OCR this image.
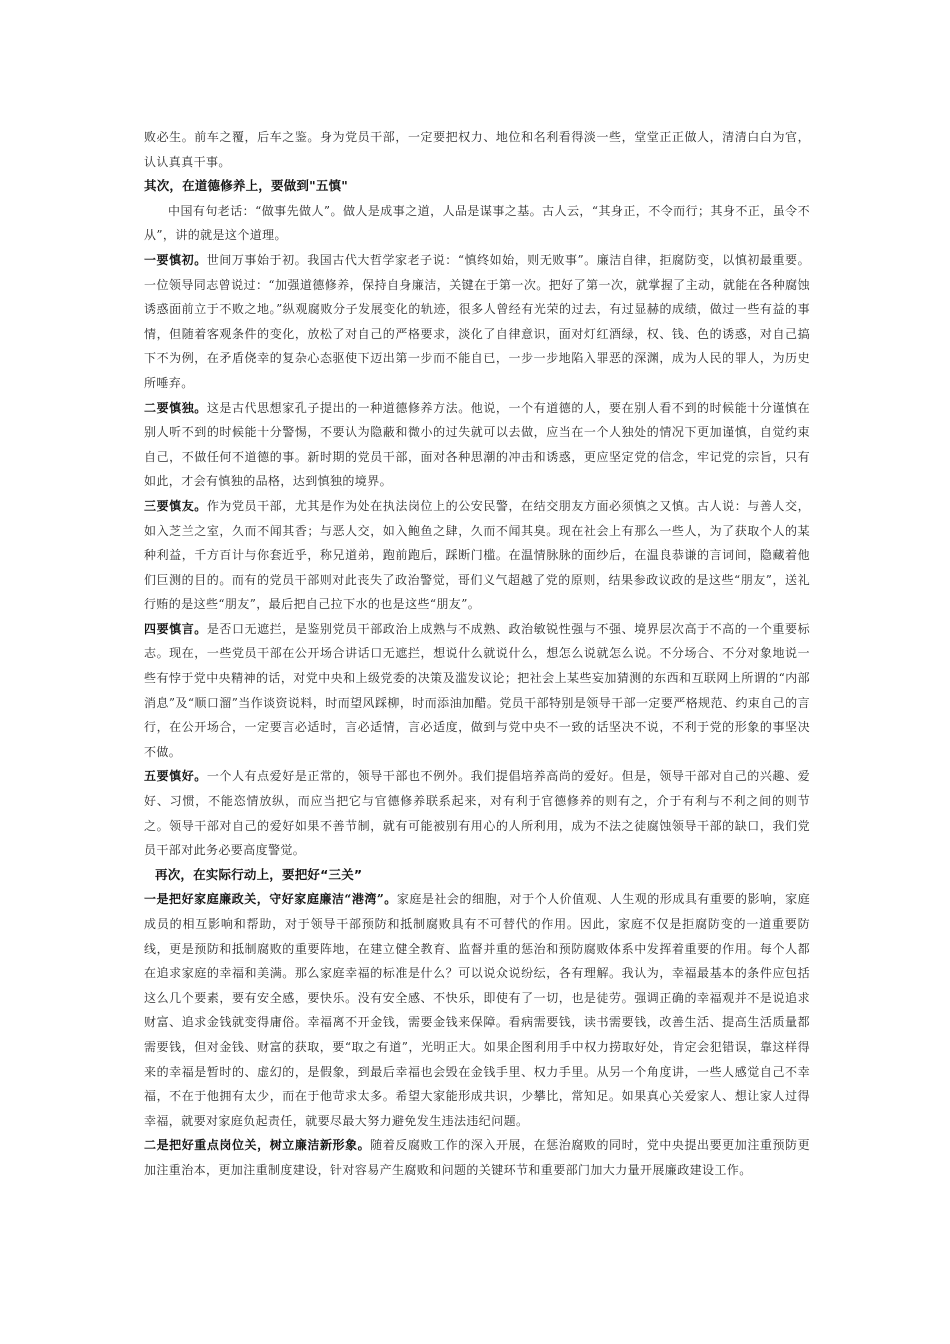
败必生。前车之覆，后车之鉴。身为党员干部，一定要把权力、地位和名利看得淡一些，堂堂正正做人，清清白白为官，认认真真干事。

其次，在道德修养上，要做到"五慎"

中国有句老话：“做事先做人”。做人是成事之道，人品是谋事之基。古人云，“其身正，不令而行；其身不正，虽令不从”，讲的就是这个道理。

一要慎初。世间万事始于初。我国古代大哲学家老子说：“慎终如始，则无败事”。廉洁自律，拒腐防变，以慎初最重要。一位领导同志曾说过：“加强道德修养，保持自身廉洁，关键在于第一次。把好了第一次，就掌握了主动，就能在各种腐蚀诱惑面前立于不败之地。”纵观腐败分子发展变化的轨迹，很多人曾经有光荣的过去，有过显赫的成绩，做过一些有益的事情，但随着客观条件的变化，放松了对自己的严格要求，淡化了自律意识，面对灯红酒绿，权、钱、色的诱惑，对自己搞下不为例，在矛盾侥幸的复杂心态驱使下迈出第一步而不能自已，一步一步地陷入罪恶的深渊，成为人民的罪人，为历史所唾弃。

二要慎独。这是古代思想家孔子提出的一种道德修养方法。他说，一个有道德的人，要在别人看不到的时候能十分谨慎在别人听不到的时候能十分警惕，不要认为隐蔽和微小的过失就可以去做，应当在一个人独处的情况下更加谨慎，自觉约束自己，不做任何不道德的事。新时期的党员干部，面对各种思潮的冲击和诱惑，更应坚定党的信念，牢记党的宗旨，只有如此，才会有慎独的品格，达到慎独的境界。

三要慎友。作为党员干部，尤其是作为处在执法岗位上的公安民警，在结交朋友方面必须慎之又慎。古人说：与善人交，如入芝兰之室，久而不闻其香；与恶人交，如入鲍鱼之肆，久而不闻其臭。现在社会上有那么一些人，为了获取个人的某种利益，千方百计与你套近乎，称兄道弟，跑前跑后，踩断门槛。在温情脉脉的面纱后，在温良恭谦的言词间，隐藏着他们巨测的目的。而有的党员干部则对此丧失了政治警觉，哥们义气超越了党的原则，结果参政议政的是这些“朋友”，送礼行贿的是这些“朋友”，最后把自己拉下水的也是这些“朋友”。

四要慎言。是否口无遮拦，是鉴别党员干部政治上成熟与不成熟、政治敏锐性强与不强、境界层次高于不高的一个重要标志。现在，一些党员干部在公开场合讲话口无遮拦，想说什么就说什么，想怎么说就怎么说。不分场合、不分对象地说一些有悖于党中央精神的话，对党中央和上级党委的决策及滥发议论；把社会上某些妄加猜测的东西和互联网上所谓的“内部消息”及“顺口溜”当作谈资说料，时而望风踩柳，时而添油加醋。党员干部特别是领导干部一定要严格规范、约束自己的言行，在公开场合，一定要言必适时，言必适情，言必适度，做到与党中央不一致的话坚决不说，不利于党的形象的事坚决不做。

五要慎好。一个人有点爱好是正常的，领导干部也不例外。我们提倡培养高尚的爱好。但是，领导干部对自己的兴趣、爱好、习惯，不能恣情放纵，而应当把它与官德修养联系起来，对有利于官德修养的则有之，介于有利与不利之间的则节之。领导干部对自己的爱好如果不善节制，就有可能被别有用心的人所利用，成为不法之徒腐蚀领导干部的缺口，我们党员干部对此务必要高度警觉。

再次，在实际行动上，要把好“三关”

一是把好家庭廉政关，守好家庭廉洁“港湾”。家庭是社会的细胞，对于个人价值观、人生观的形成具有重要的影响，家庭成员的相互影响和帮助，对于领导干部预防和抵制腐败具有不可替代的作用。因此，家庭不仅是拒腐防变的一道重要防线，更是预防和抵制腐败的重要阵地，在建立健全教育、监督并重的惩治和预防腐败体系中发挥着重要的作用。每个人都在追求家庭的幸福和美满。那么家庭幸福的标准是什么？可以说众说纷纭，各有理解。我认为，幸福最基本的条件应包括这么几个要素，要有安全感，要快乐。没有安全感、不快乐，即使有了一切，也是徒劳。强调正确的幸福观并不是说追求财富、追求金钱就变得庸俗。幸福离不开金钱，需要金钱来保障。看病需要钱，读书需要钱，改善生活、提高生活质量都需要钱，但对金钱、财富的获取，要“取之有道”，光明正大。如果企图利用手中权力捞取好处，肯定会犯错误，靠这样得来的幸福是暂时的、虚幻的，是假象，到最后幸福也会毁在金钱手里、权力手里。从另一个角度讲，一些人感觉自己不幸福，不在于他拥有太少，而在于他苛求太多。希望大家能形成共识，少攀比，常知足。如果真心关爱家人、想让家人过得幸福，就要对家庭负起责任，就要尽最大努力避免发生违法违纪问题。

二是把好重点岗位关，树立廉洁新形象。随着反腐败工作的深入开展，在惩治腐败的同时，党中央提出要更加注重预防更加注重治本，更加注重制度建设，针对容易产生腐败和问题的关键环节和重要部门加大力量开展廉政建设工作。
